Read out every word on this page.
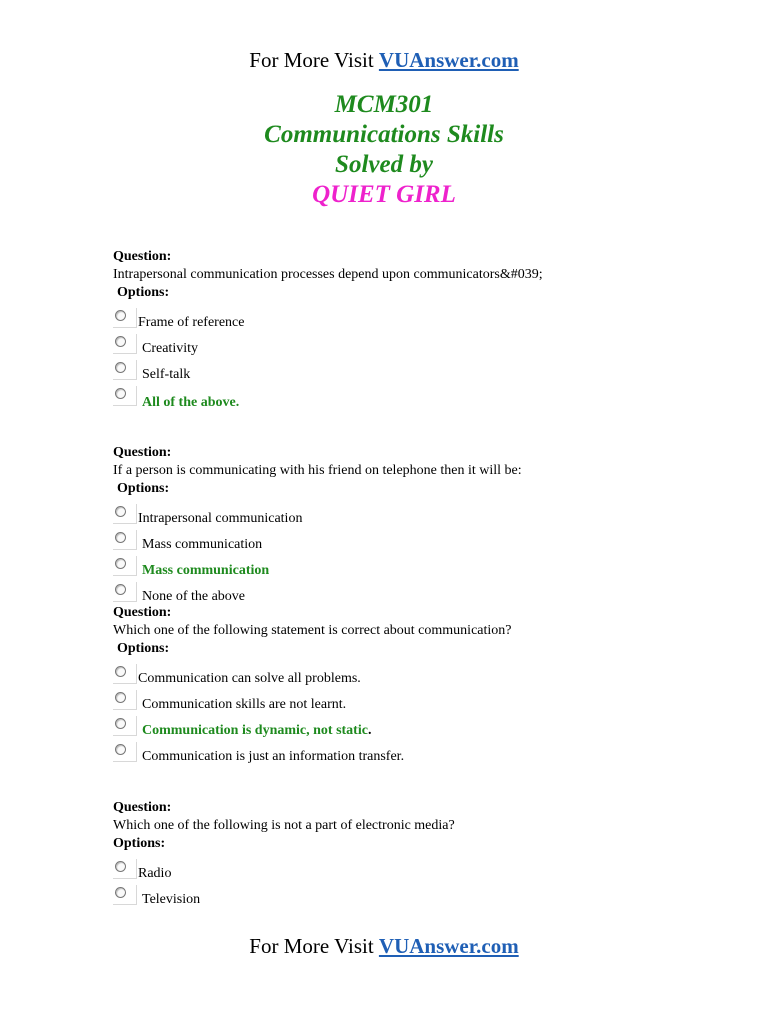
For More Visit VUAnswer.com
MCM301
Communications Skills
Solved by
QUIET GIRL
Question:
Intrapersonal communication processes depend upon communicators&#039;
Options:
Frame of reference
Creativity
Self-talk
All of the above.
Question:
If a person is communicating with his friend on telephone then it will be:
Options:
Intrapersonal communication
Mass communication
Mass communication
None of the above
Question:
Which one of the following statement is correct about communication?
Options:
Communication can solve all problems.
Communication skills are not learnt.
Communication is dynamic, not static.
Communication is just an information transfer.
Question:
Which one of the following is not a part of electronic media?
Options:
Radio
Television
For More Visit VUAnswer.com
